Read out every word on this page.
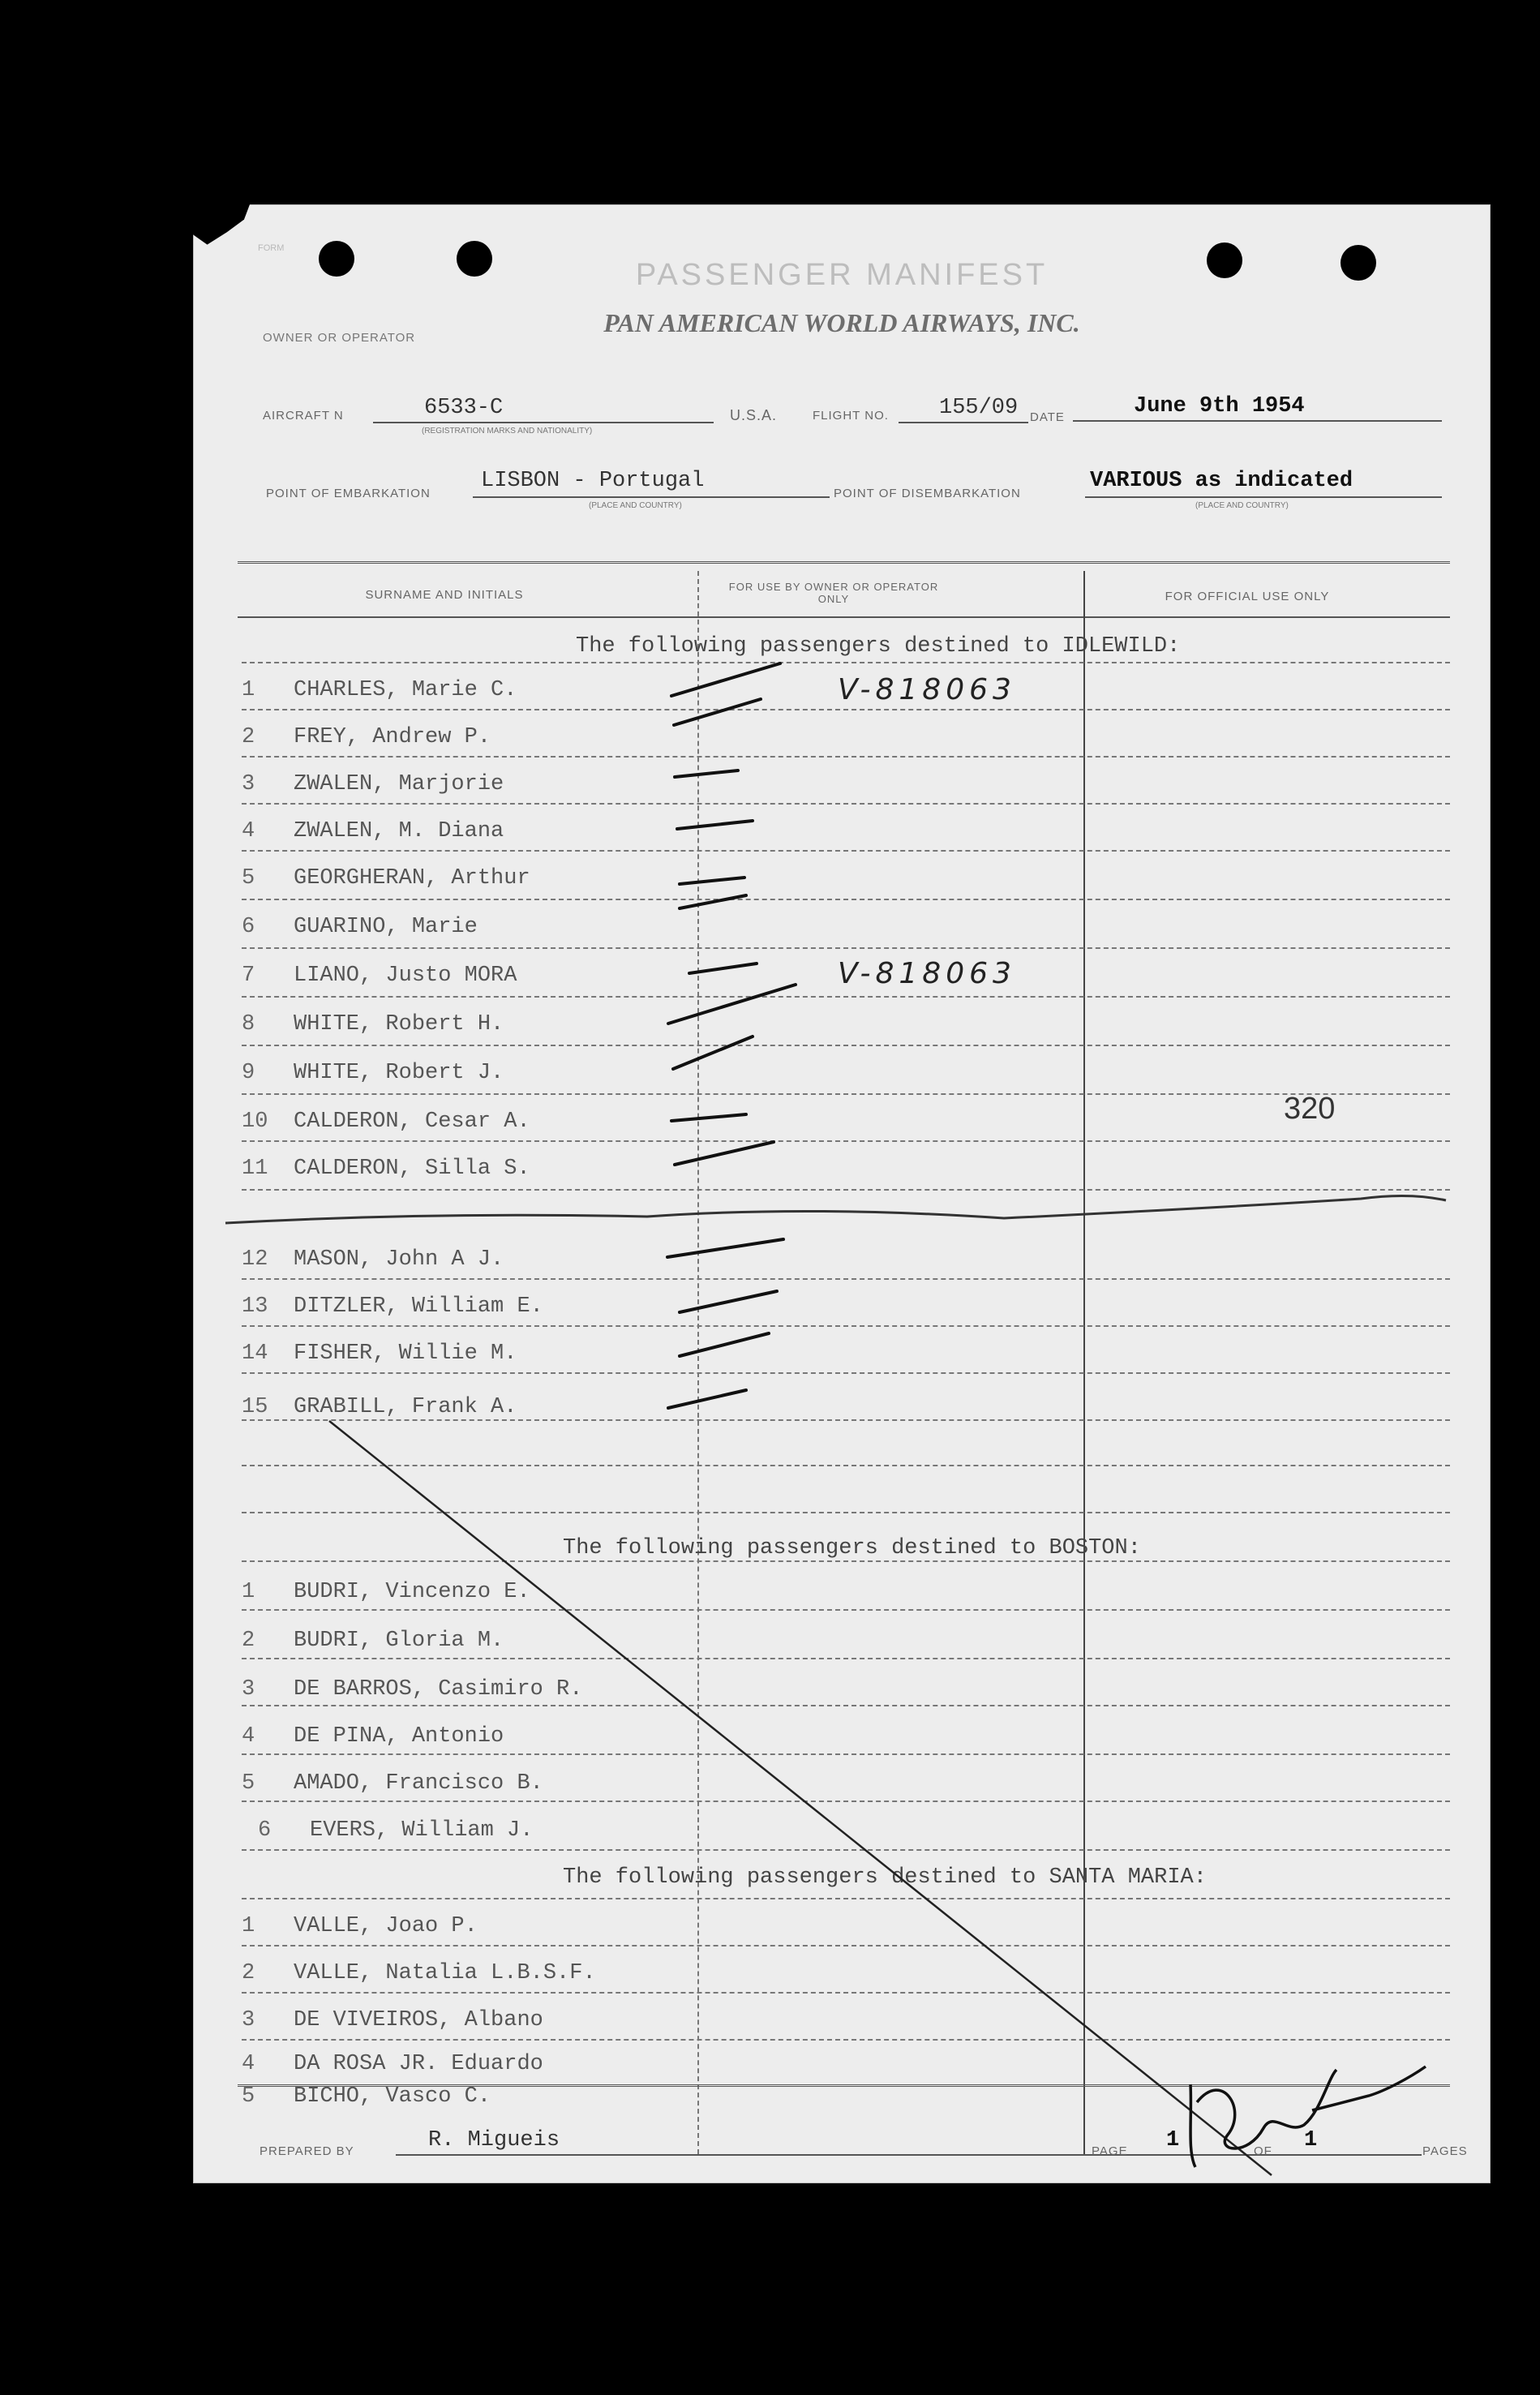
FORM
OWNER OR OPERATOR
PASSENGER MANIFEST
PAN AMERICAN WORLD AIRWAYS, INC.
AIRCRAFT N	6533-C
(REGISTRATION MARKS AND NATIONALITY)
U.S.A.	FLIGHT NO. 155/09 DATE	June 9th 1954
POINT OF EMBARKATION
LISBON - Portugal
(PLACE AND COUNTRY)
POINT OF DISEMBARKATION
VARIOUS as indicated
(PLACE AND COUNTRY)
SURNAME AND INITIALS
FOR USE BY OWNER OR OPERATOR ONLY	FOR OFFICIAL USE ONLY
The following passengers destined to IDLEWILD:
The following passengers destined to BOSTON:
The following passengers destined to SANTA MARIA:
1	CHARLES, Marie C.
2	FREY, Andrew P.
3	ZWALEN, Marjorie
4	ZWALEN, M. Diana
5	GEORGHERAN, Arthur
6	GUARINO, Marie
7	LIANO, Justo MORA
8	WHITE, Robert H.
9	WHITE, Robert J.
10 CALDERON, Cesar A.
11 CALDERON, Silla S.
12 MASON, John A J.
13 DITZLER, William E.
14 FISHER, Willie M.
15 GRABILL, Frank A.
V-818063
V-818063
320
1	BUDRI, Vincenzo E.
2	BUDRI, Gloria M.
3	DE BARROS, Casimiro R.
4	DE PINA, Antonio
5	AMADO, Francisco B.
6	EVERS, William J.
1	VALLE, Joao P.
2	VALLE, Natalia L.B.S.F.
3	DE VIVEIROS, Albano
4	DA ROSA JR. Eduardo
5	BICHO, Vasco C.
PREPARED BY	R. Migueis	PAGE 1	OF 1	PAGES
